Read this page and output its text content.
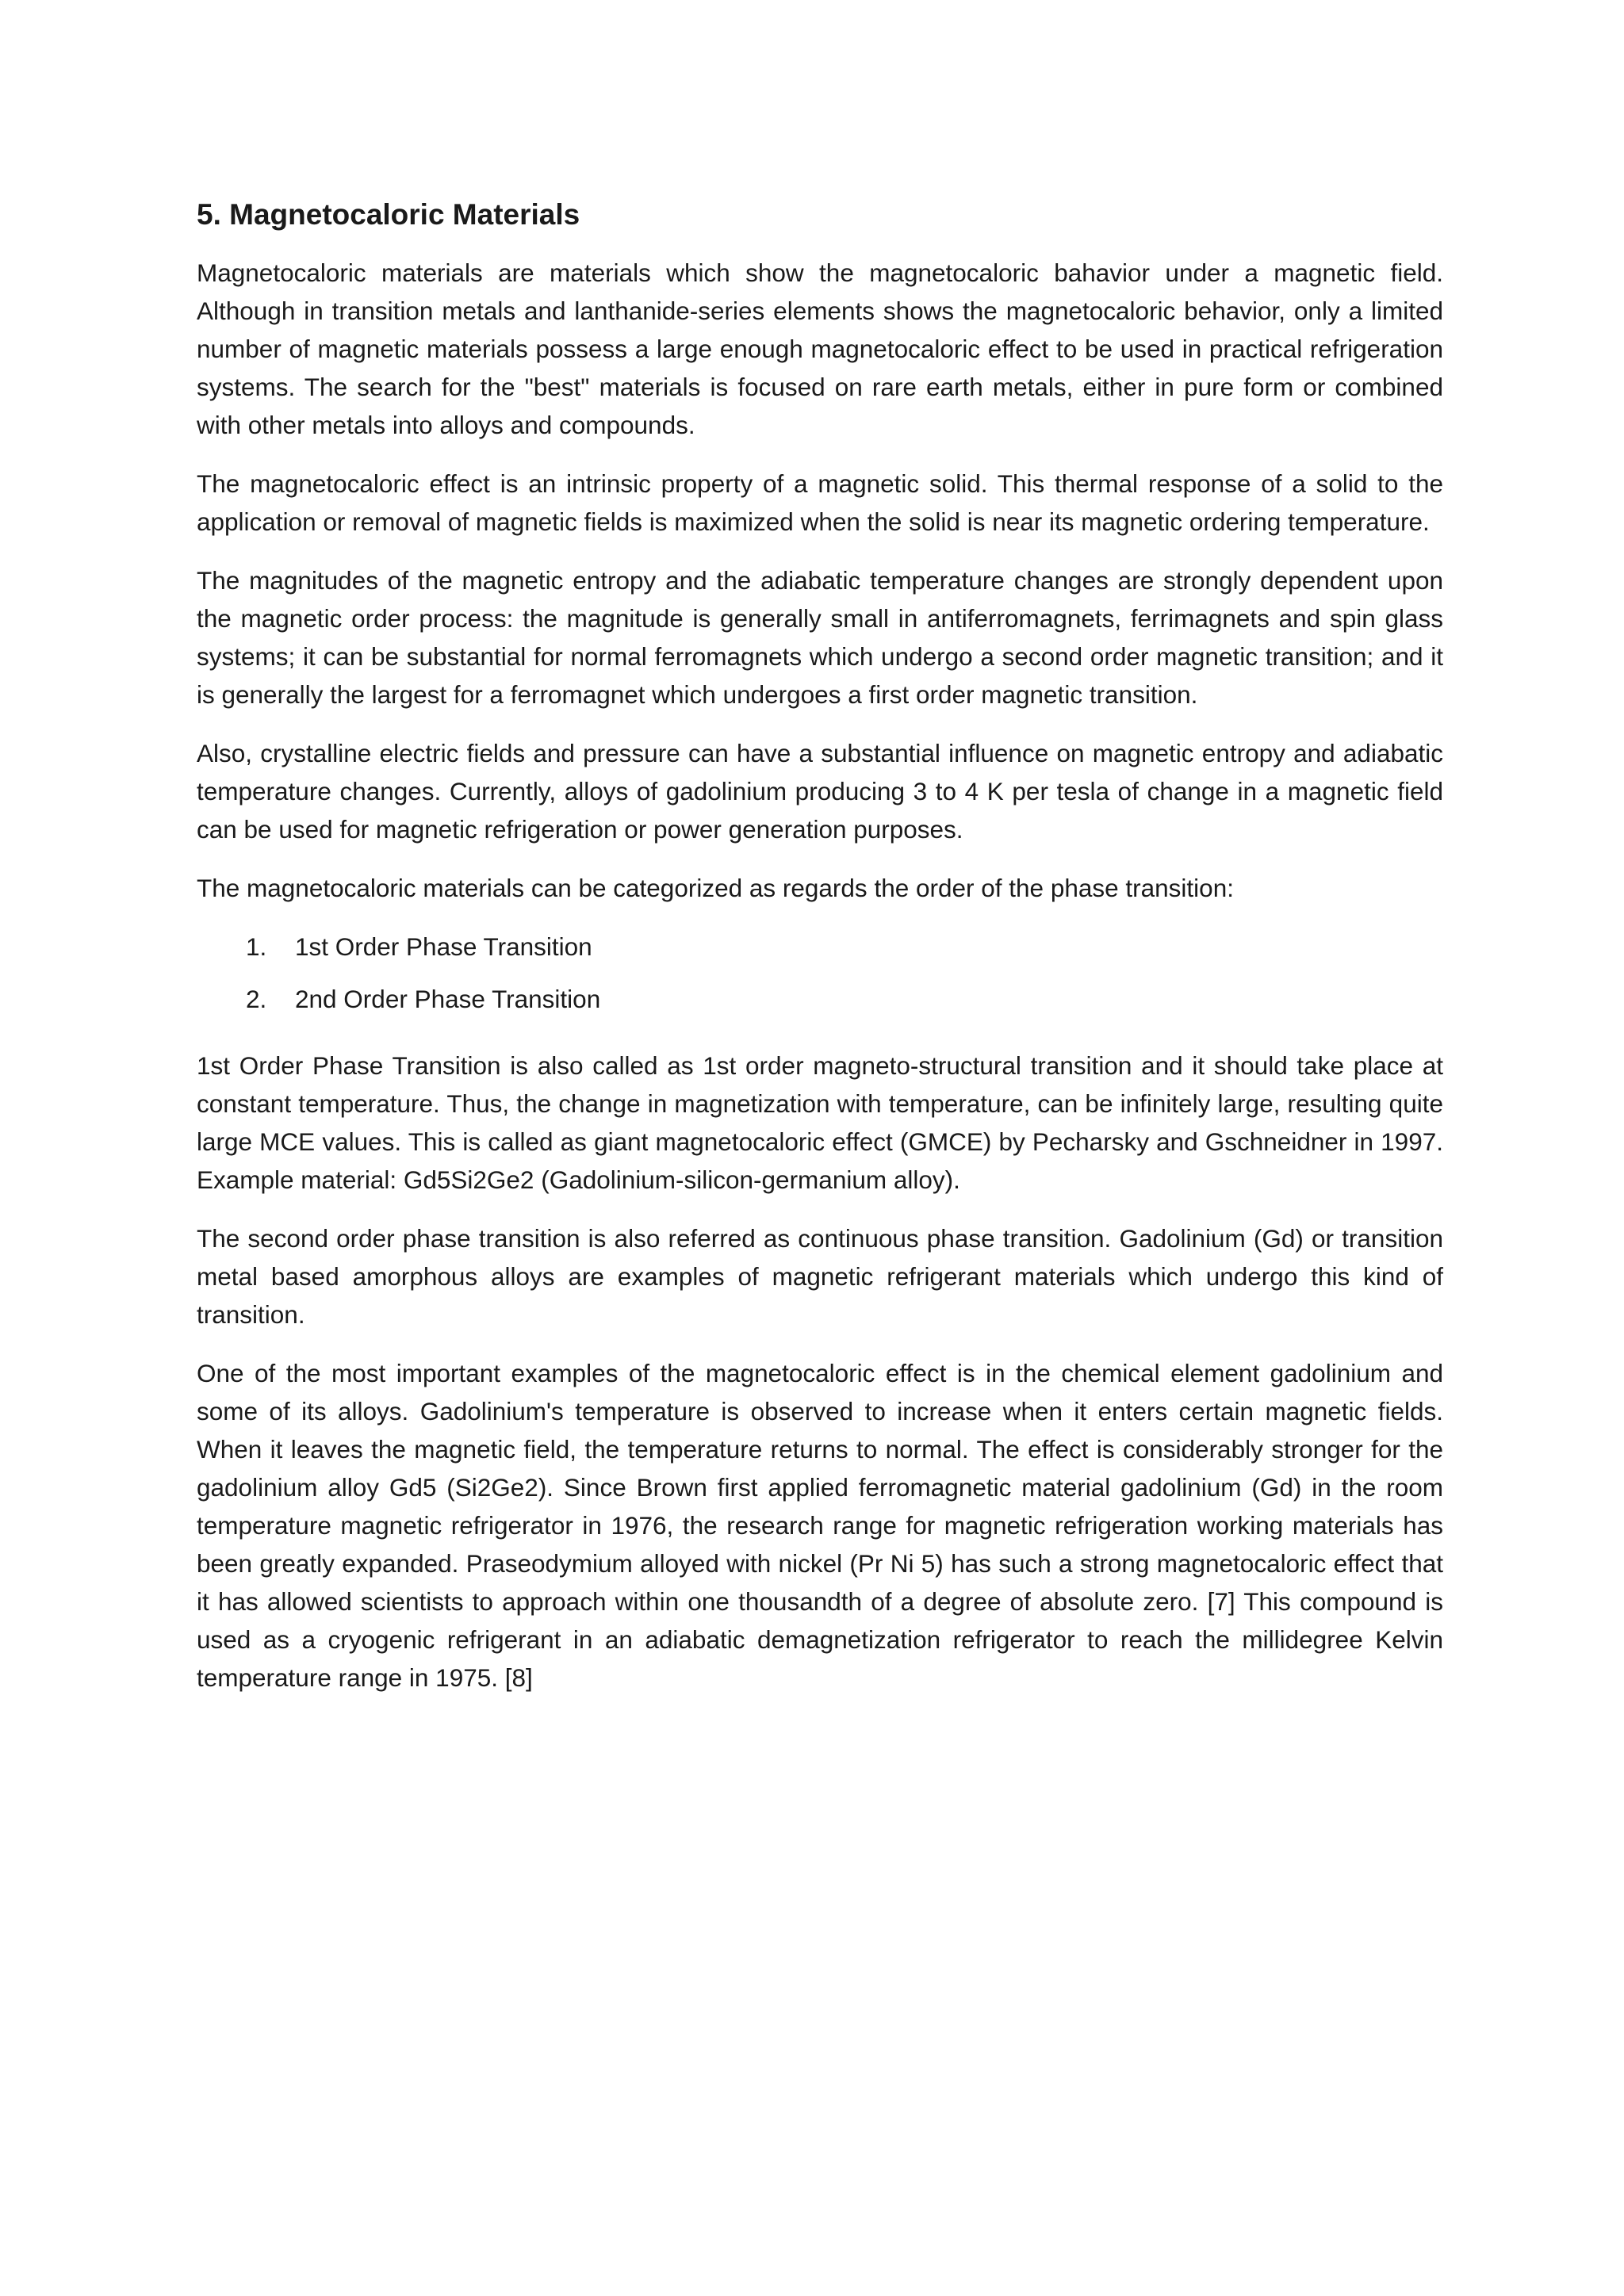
5. Magnetocaloric Materials

Magnetocaloric materials are materials which show the magnetocaloric bahavior under a magnetic field. Although in transition metals and lanthanide-series elements shows the magnetocaloric behavior, only a limited number of magnetic materials possess a large enough magnetocaloric effect to be used in practical refrigeration systems. The search for the "best" materials is focused on rare earth metals, either in pure form or combined with other metals into alloys and compounds.

The magnetocaloric effect is an intrinsic property of a magnetic solid. This thermal response of a solid to the application or removal of magnetic fields is maximized when the solid is near its magnetic ordering temperature.

The magnitudes of the magnetic entropy and the adiabatic temperature changes are strongly dependent upon the magnetic order process: the magnitude is generally small in antiferromagnets, ferrimagnets and spin glass systems; it can be substantial for normal ferromagnets which undergo a second order magnetic transition; and it is generally the largest for a ferromagnet which undergoes a first order magnetic transition.

Also, crystalline electric fields and pressure can have a substantial influence on magnetic entropy and adiabatic temperature changes. Currently, alloys of gadolinium producing 3 to 4 K per tesla of change in a magnetic field can be used for magnetic refrigeration or power generation purposes.

The magnetocaloric materials can be categorized as regards the order of the phase transition:

1.	1st Order Phase Transition
2.	2nd Order Phase Transition

1st Order Phase Transition is also called as 1st order magneto-structural transition and it should take place at constant temperature. Thus, the change in magnetization with temperature, can be infinitely large, resulting quite large MCE values. This is called as giant magnetocaloric effect (GMCE) by Pecharsky and Gschneidner in 1997. Example material: Gd5Si2Ge2 (Gadolinium-silicon-germanium alloy).

The second order phase transition is also referred as continuous phase transition. Gadolinium (Gd) or transition metal based amorphous alloys are examples of magnetic refrigerant materials which undergo this kind of transition.

One of the most important examples of the magnetocaloric effect is in the chemical element gadolinium and some of its alloys. Gadolinium's temperature is observed to increase when it enters certain magnetic fields. When it leaves the magnetic field, the temperature returns to normal. The effect is considerably stronger for the gadolinium alloy Gd5 (Si2Ge2). Since Brown first applied ferromagnetic material gadolinium (Gd) in the room temperature magnetic refrigerator in 1976, the research range for magnetic refrigeration working materials has been greatly expanded. Praseodymium alloyed with nickel (Pr Ni 5) has such a strong magnetocaloric effect that it has allowed scientists to approach within one thousandth of a degree of absolute zero. [7] This compound is used as a cryogenic refrigerant in an adiabatic demagnetization refrigerator to reach the millidegree Kelvin temperature range in 1975. [8]
